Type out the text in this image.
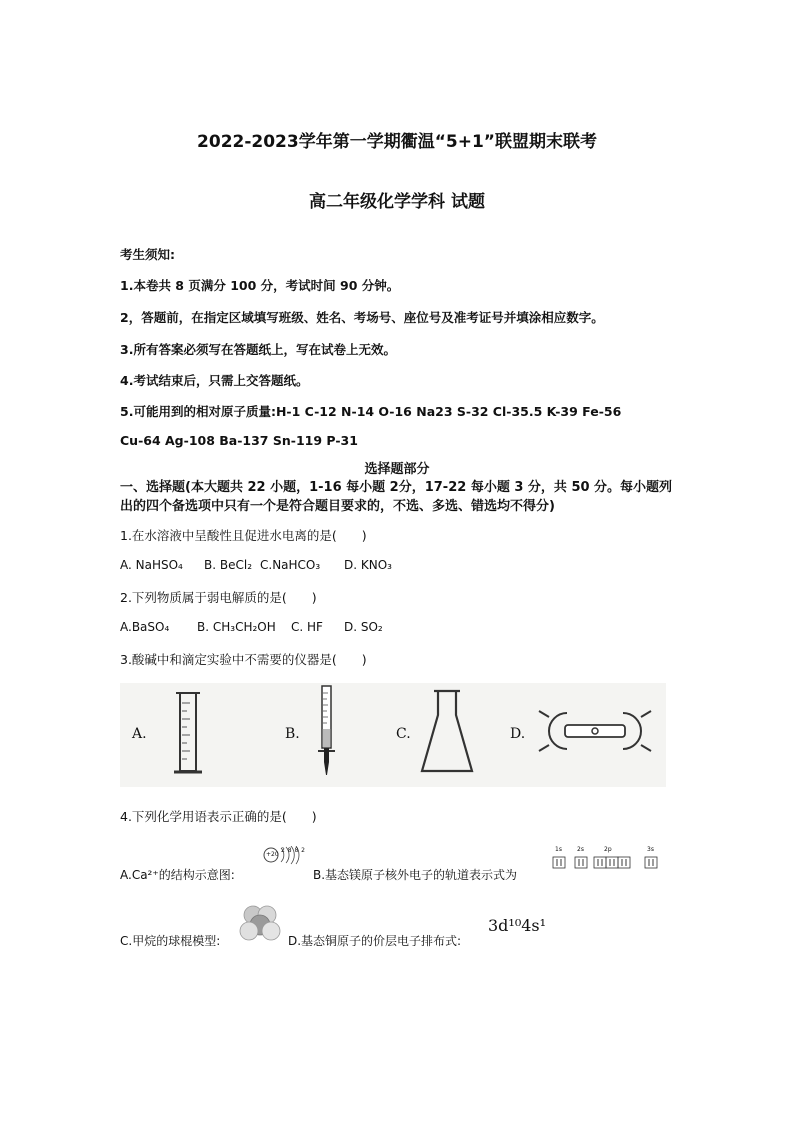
2022-2023学年第一学期衢温“5+1”联盟期末联考
高二年级化学学科 试题
考生须知:
1.本卷共 8 页满分 100 分，考试时间 90 分钟。
2，答题前，在指定区域填写班级、姓名、考场号、座位号及准考证号并填涂相应数字。
3.所有答案必须写在答题纸上，写在试卷上无效。
4.考试结束后，只需上交答题纸。
5.可能用到的相对原子质量:H-1 C-12 N-14 O-16 Na23 S-32 Cl-35.5 K-39 Fe-56
Cu-64 Ag-108 Ba-137 Sn-119 P-31
选择题部分
一、选择题(本大题共 22 小题，1-16 每小题 2分，17-22 每小题 3 分，共 50 分。每小题列出的四个备选项中只有一个是符合题目要求的，不选、多选、错选均不得分)
1.在水溶液中呈酸性且促进水电离的是(　　)
A. NaHSO₄ B. BeCl₂ C.NaHCO₃ D. KNO₃
2.下列物质属于弱电解质的是(　　)
A.BaSO₄ B. CH₃CH₂OH C. HF D. SO₂
3.酸碱中和滴定实验中不需要的仪器是(　　)
A.	B.	C.	D.
4.下列化学用语表示正确的是(　　)
A.Ca²⁺的结构示意图:
+20
2 8 8 2
B.基态镁原子核外电子的轨道表示式为
1s	2s	2p	3s
C.甲烷的球棍模型:	D.基态铜原子的价层电子排布式:
3d¹⁰4s¹
